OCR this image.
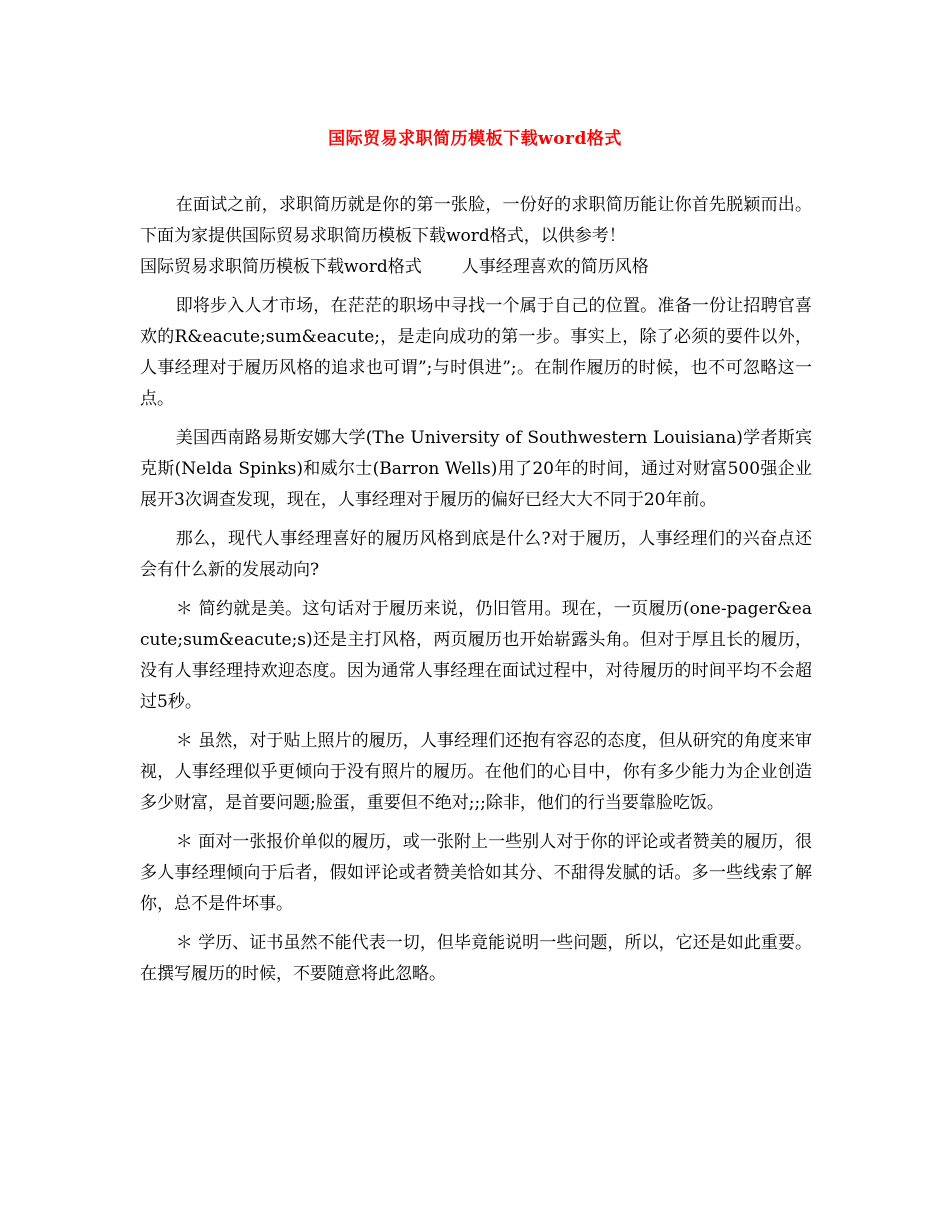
国际贸易求职简历模板下载word格式

在面试之前，求职简历就是你的第一张脸，一份好的求职简历能让你首先脱颖而出。下面为家提供国际贸易求职简历模板下载word格式，以供参考！

国际贸易求职简历模板下载word格式 人事经理喜欢的简历风格

即将步入人才市场，在茫茫的职场中寻找一个属于自己的位置。准备一份让招聘官喜欢的R&eacute;sum&eacute;，是走向成功的第一步。事实上，除了必须的要件以外，人事经理对于履历风格的追求也可谓”;与时俱进”;。在制作履历的时候，也不可忽略这一点。

美国西南路易斯安娜大学(The University of Southwestern Louisiana)学者斯宾克斯(Nelda Spinks)和威尔士(Barron Wells)用了20年的时间，通过对财富500强企业展开3次调查发现，现在，人事经理对于履历的偏好已经大大不同于20年前。

那么，现代人事经理喜好的履历风格到底是什么?对于履历，人事经理们的兴奋点还会有什么新的发展动向?

＊ 简约就是美。这句话对于履历来说，仍旧管用。现在，一页履历(one-pager&eacute;sum&eacute;s)还是主打风格，两页履历也开始崭露头角。但对于厚且长的履历，没有人事经理持欢迎态度。因为通常人事经理在面试过程中，对待履历的时间平均不会超过5秒。

＊ 虽然，对于贴上照片的履历，人事经理们还抱有容忍的态度，但从研究的角度来审视，人事经理似乎更倾向于没有照片的履历。在他们的心目中，你有多少能力为企业创造多少财富，是首要问题;脸蛋，重要但不绝对;;;除非，他们的行当要靠脸吃饭。

＊ 面对一张报价单似的履历，或一张附上一些别人对于你的评论或者赞美的履历，很多人事经理倾向于后者，假如评论或者赞美恰如其分、不甜得发腻的话。多一些线索了解你，总不是件坏事。

＊ 学历、证书虽然不能代表一切，但毕竟能说明一些问题，所以，它还是如此重要。在撰写履历的时候，不要随意将此忽略。
